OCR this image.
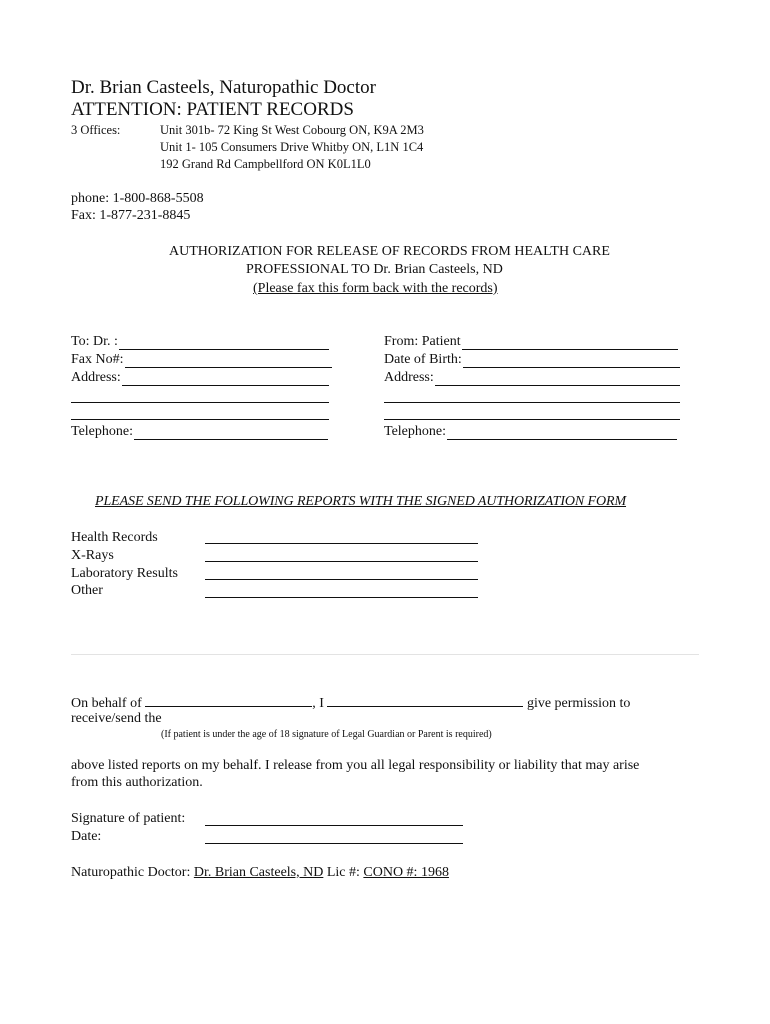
Dr. Brian Casteels, Naturopathic Doctor
ATTENTION: PATIENT RECORDS
3 Offices:	Unit 301b- 72 King St West Cobourg ON, K9A 2M3
Unit 1- 105 Consumers Drive Whitby ON, L1N 1C4
192 Grand Rd Campbellford ON K0L1L0
phone: 1-800-868-5508
Fax: 1-877-231-8845
AUTHORIZATION FOR RELEASE OF RECORDS FROM HEALTH CARE
PROFESSIONAL TO Dr. Brian Casteels, ND
(Please fax this form back with the records)
To: Dr. :
Fax No#:
Address:
Telephone:
From: Patient
Date of Birth:
Address:
Telephone:
PLEASE SEND THE FOLLOWING REPORTS WITH THE SIGNED AUTHORIZATION FORM
Health Records
X-Rays
Laboratory Results
Other
On behalf of	, I	give permission to
receive/send the
(If patient is under the age of 18 signature of Legal Guardian or Parent is required)
above listed reports on my behalf. I release from you all legal responsibility or liability that may arise
from this authorization.
Signature of patient:
Date:
Naturopathic Doctor: Dr. Brian Casteels, ND Lic #: CONO #: 1968
